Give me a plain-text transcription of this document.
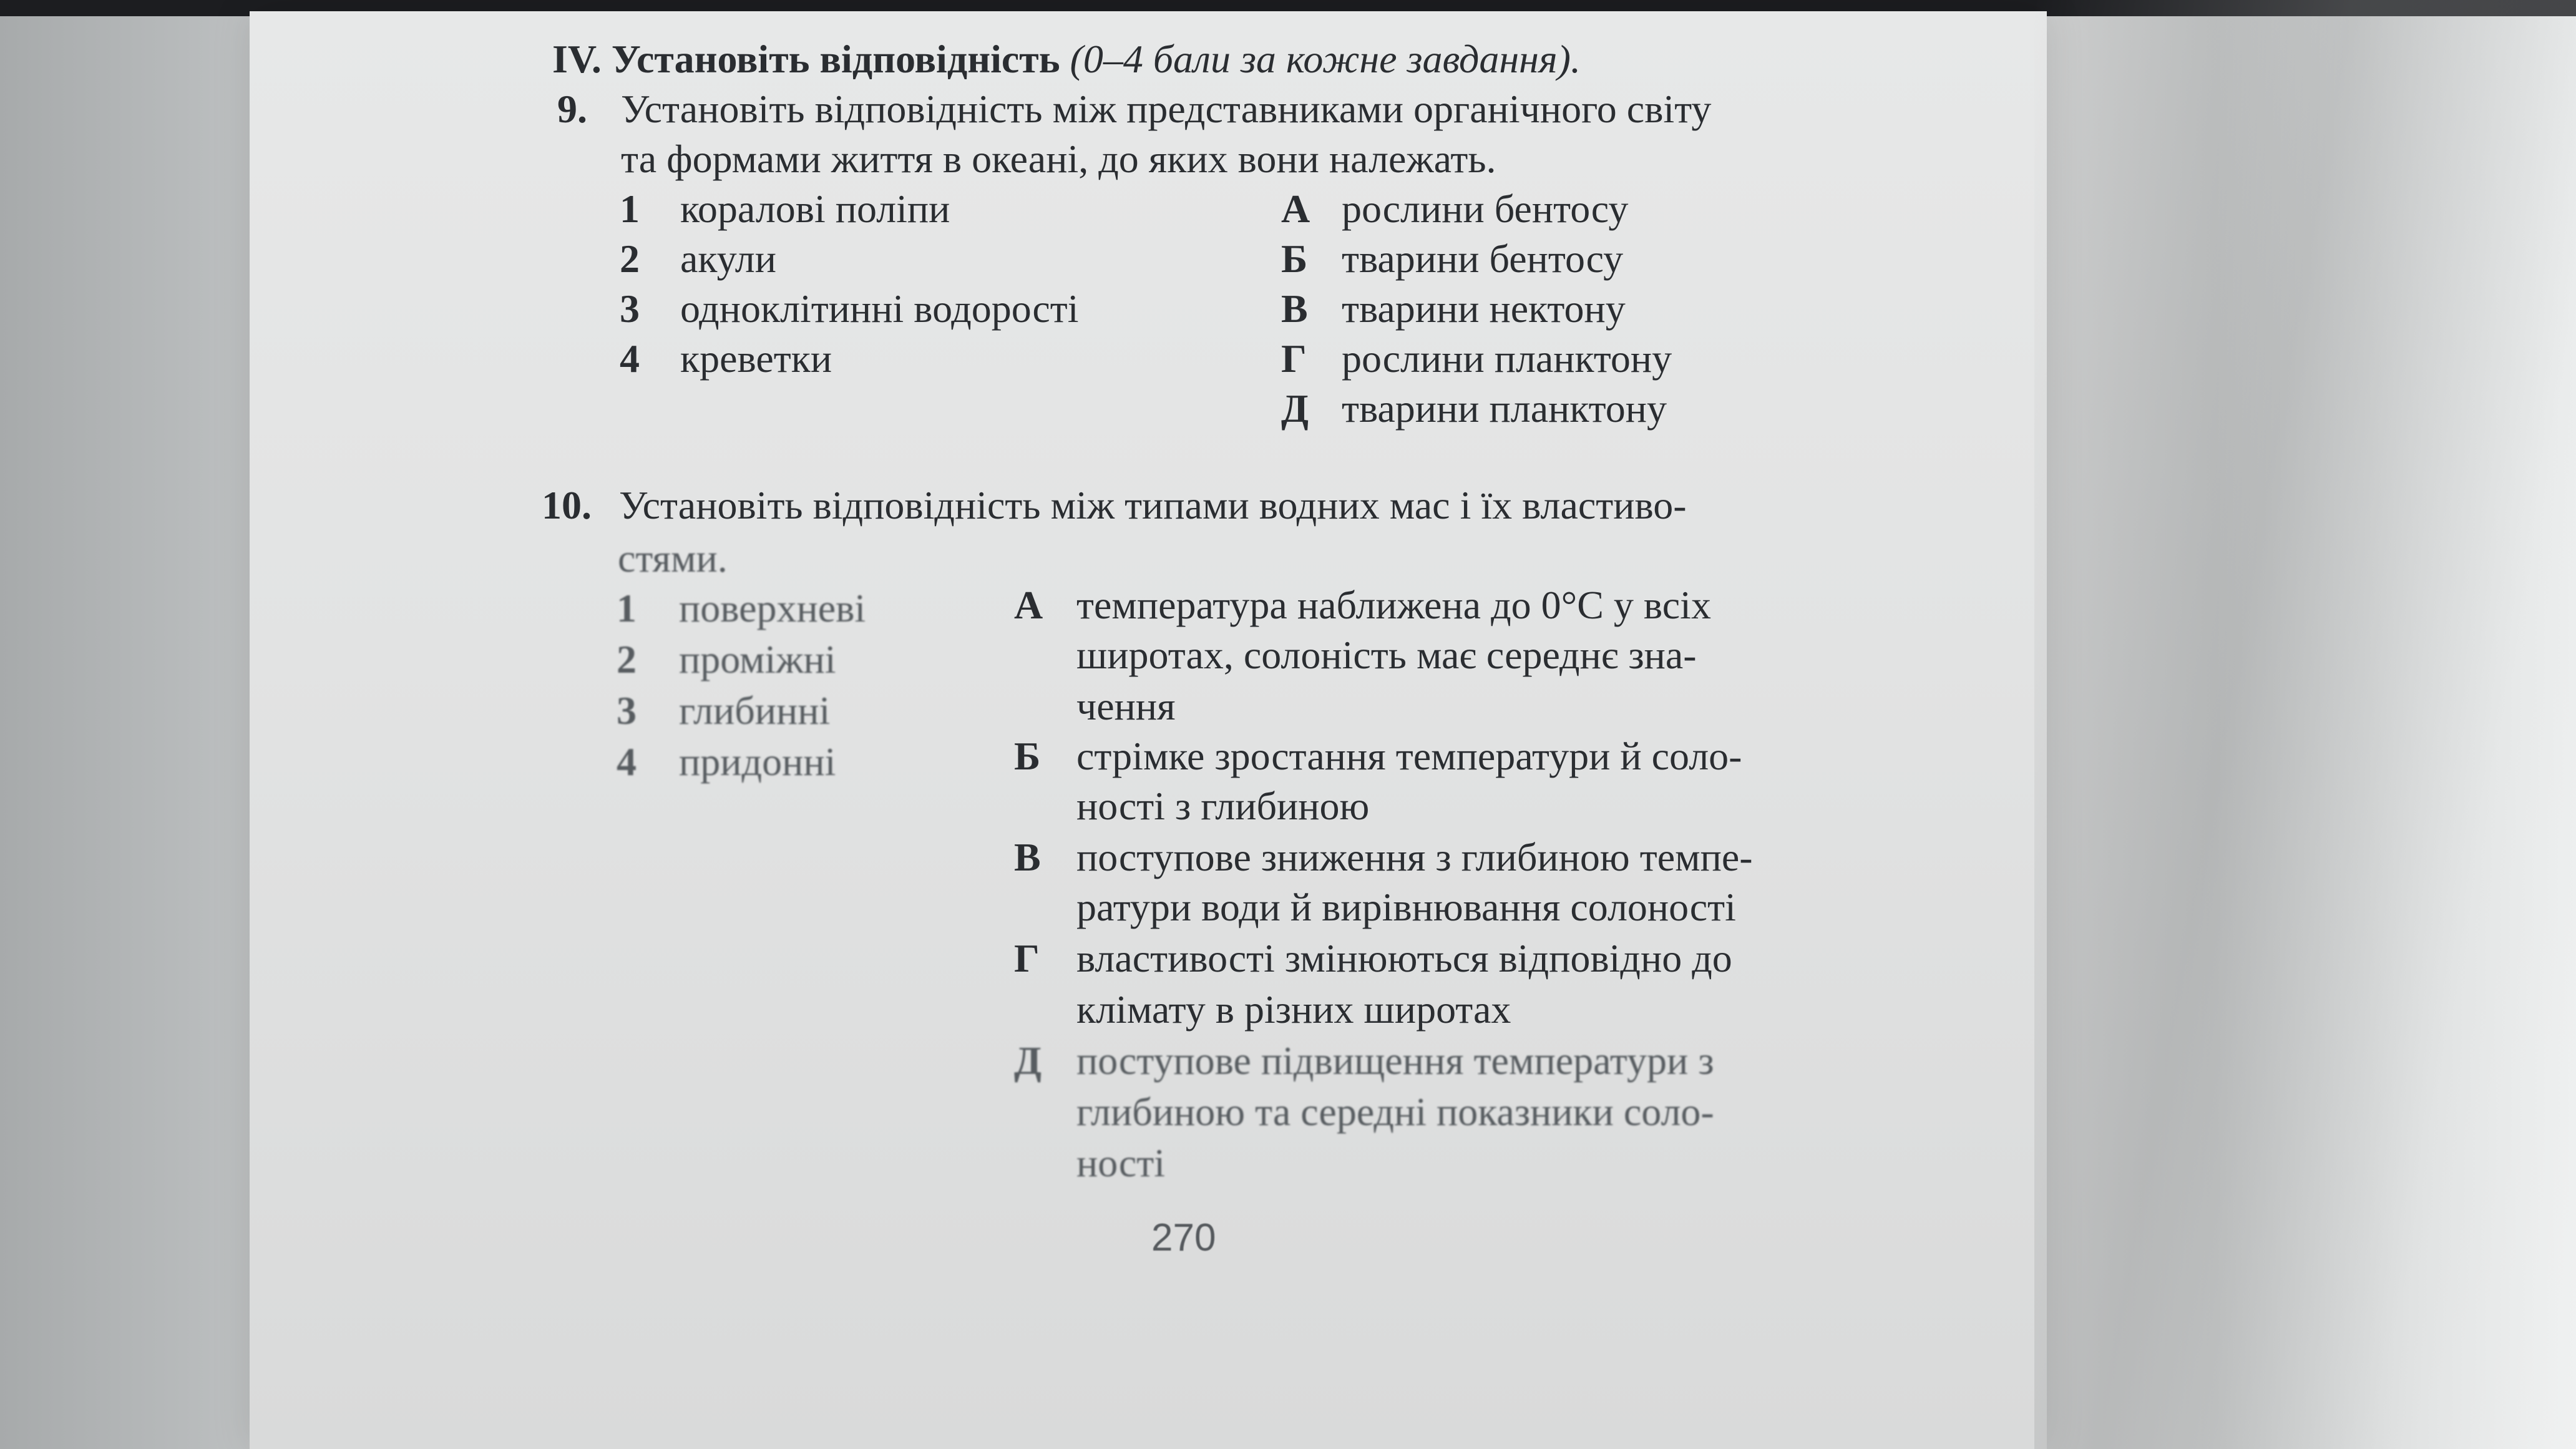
IV. Установіть відповідність (0–4 бали за кожне завдання).
9. Установіть відповідність між представниками органічного світу
та формами життя в океані, до яких вони належать.
1 коралові поліпи
2 акули
3 одноклітинні водорості
4 креветки
А рослини бентосу
Б тварини бентосу
В тварини нектону
Г рослини планктону
Д тварини планктону
10. Установіть відповідність між типами водних мас і їх властиво-
стями.
1 поверхневі
2 проміжні
3 глибинні
4 придонні
А температура наближена до 0°С у всіх
широтах, солоність має середнє зна-
чення
Б стрімке зростання температури й соло-
ності з глибиною
В поступове зниження з глибиною темпе-
ратури води й вирівнювання солоності
Г властивості змінюються відповідно до
клімату в різних широтах
Д поступове підвищення температури з
глибиною та середні показники соло-
ності
270
